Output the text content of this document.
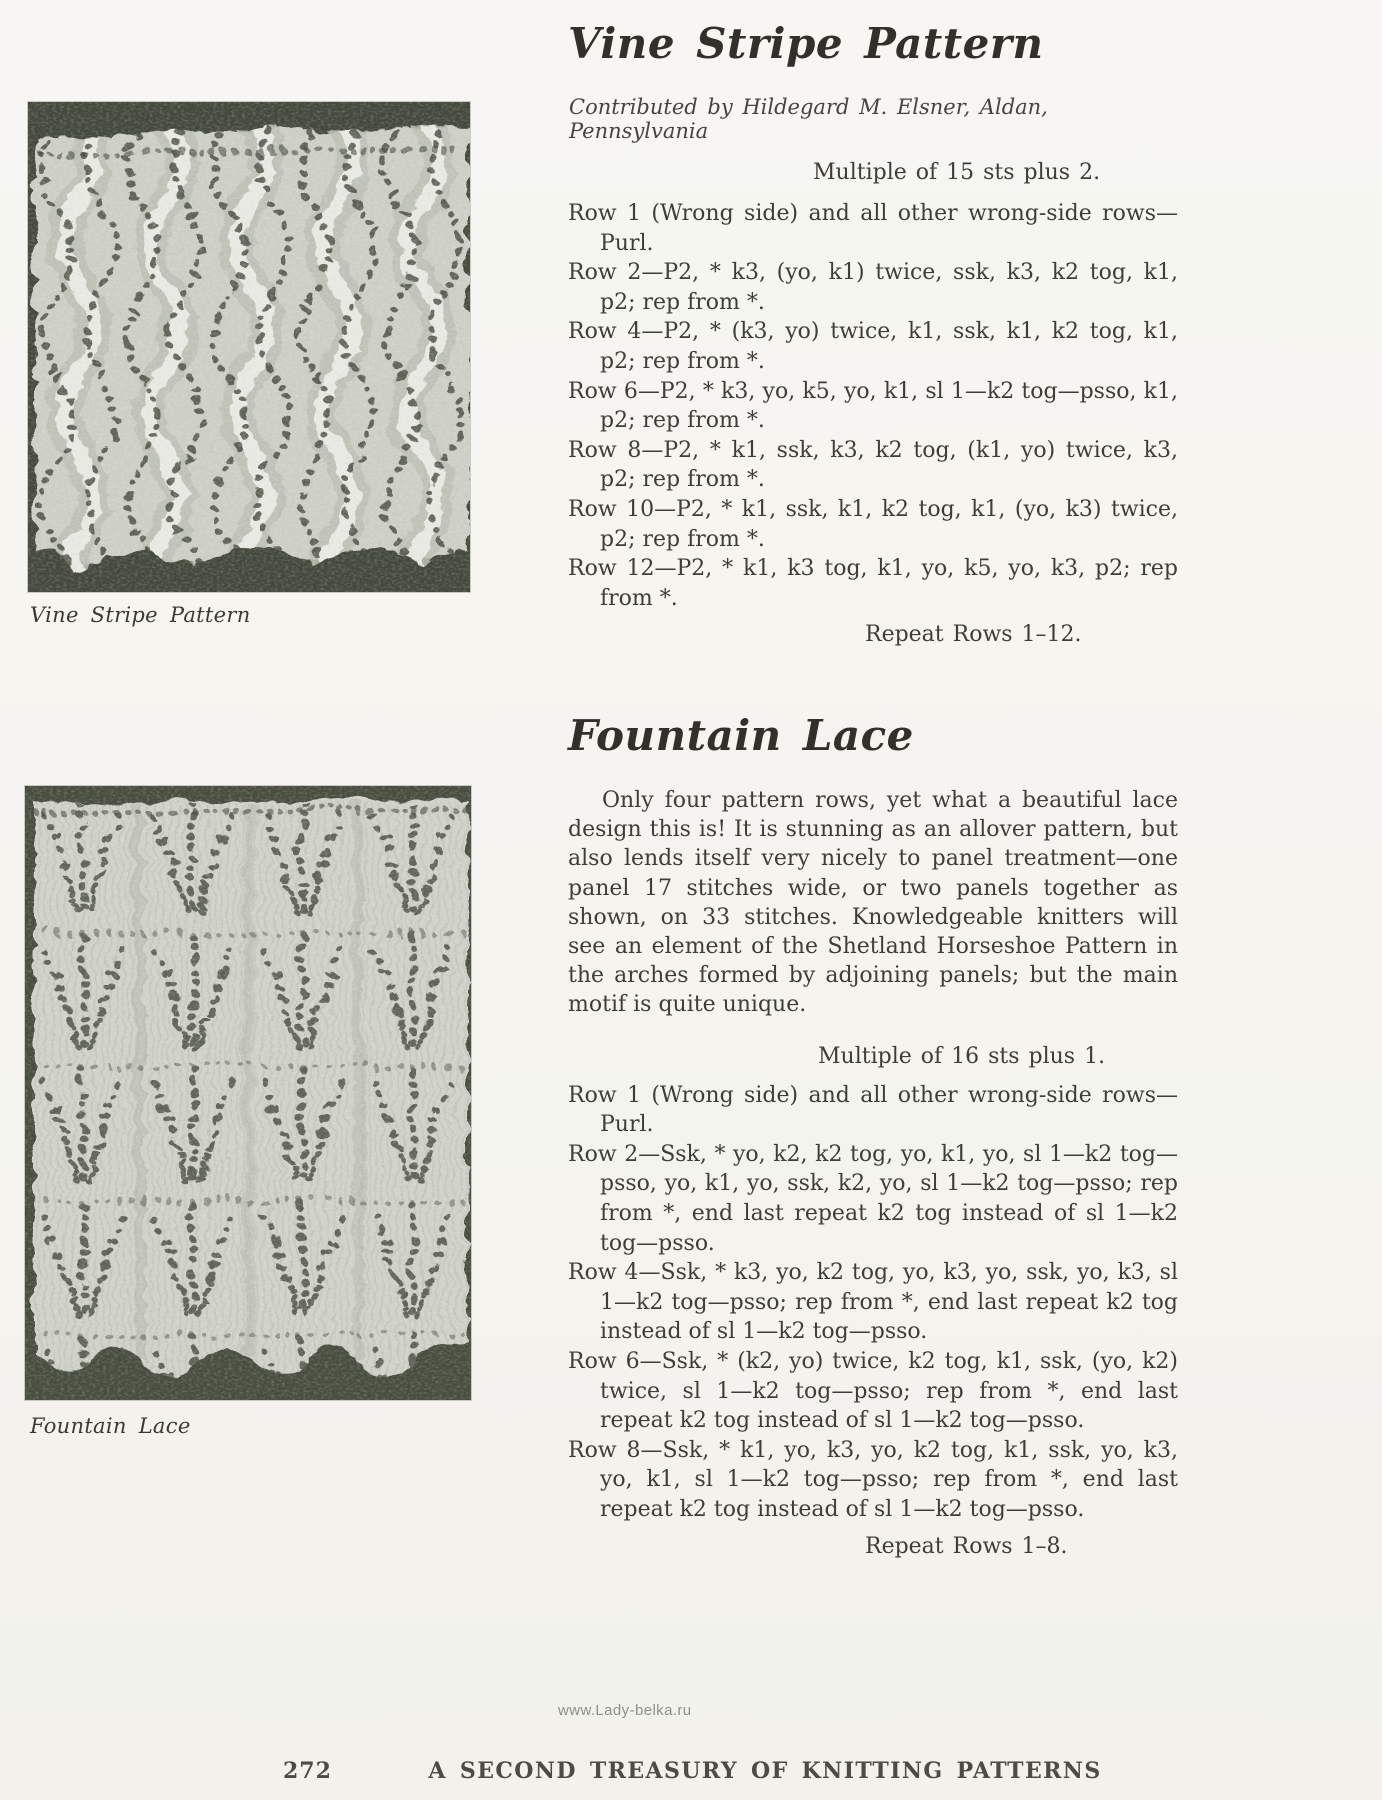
Vine Stripe Pattern
Fountain Lace
Vine Stripe Pattern

Contributed by Hildegard M. Elsner, Aldan, Pennsylvania

Multiple of 15 sts plus 2.

Row 1 (Wrong side) and all other wrong-side rows—Purl.

Row 2—P2, * k3, (yo, k1) twice, ssk, k3, k2 tog, k1, p2; rep from *.

Row 4—P2, * (k3, yo) twice, k1, ssk, k1, k2 tog, k1, p2; rep from *.

Row 6—P2, * k3, yo, k5, yo, k1, sl 1—k2 tog—psso, k1, p2; rep from *.

Row 8—P2, * k1, ssk, k3, k2 tog, (k1, yo) twice, k3, p2; rep from *.

Row 10—P2, * k1, ssk, k1, k2 tog, k1, (yo, k3) twice, p2; rep from *.

Row 12—P2, * k1, k3 tog, k1, yo, k5, yo, k3, p2; rep from *.

Repeat Rows 1–12.

Fountain Lace

Only four pattern rows, yet what a beautiful lace design this is! It is stunning as an allover pattern, but also lends itself very nicely to panel treatment—one panel 17 stitches wide, or two panels together as shown, on 33 stitches. Knowledgeable knitters will see an element of the Shetland Horseshoe Pattern in the arches formed by adjoining panels; but the main motif is quite unique.

Multiple of 16 sts plus 1.

Row 1 (Wrong side) and all other wrong-side rows—Purl.

Row 2—Ssk, * yo, k2, k2 tog, yo, k1, yo, sl 1—k2 tog—psso, yo, k1, yo, ssk, k2, yo, sl 1—k2 tog—psso; rep from *, end last repeat k2 tog instead of sl 1—k2 tog—psso.

Row 4—Ssk, * k3, yo, k2 tog, yo, k3, yo, ssk, yo, k3, sl 1—k2 tog—psso; rep from *, end last repeat k2 tog instead of sl 1—k2 tog—psso.

Row 6—Ssk, * (k2, yo) twice, k2 tog, k1, ssk, (yo, k2) twice, sl 1—k2 tog—psso; rep from *, end last repeat k2 tog instead of sl 1—k2 tog—psso.

Row 8—Ssk, * k1, yo, k3, yo, k2 tog, k1, ssk, yo, k3, yo, k1, sl 1—k2 tog—psso; rep from *, end last repeat k2 tog instead of sl 1—k2 tog—psso.

Repeat Rows 1–8.

www.Lady-belka.ru
272	A SECOND TREASURY OF KNITTING PATTERNS
